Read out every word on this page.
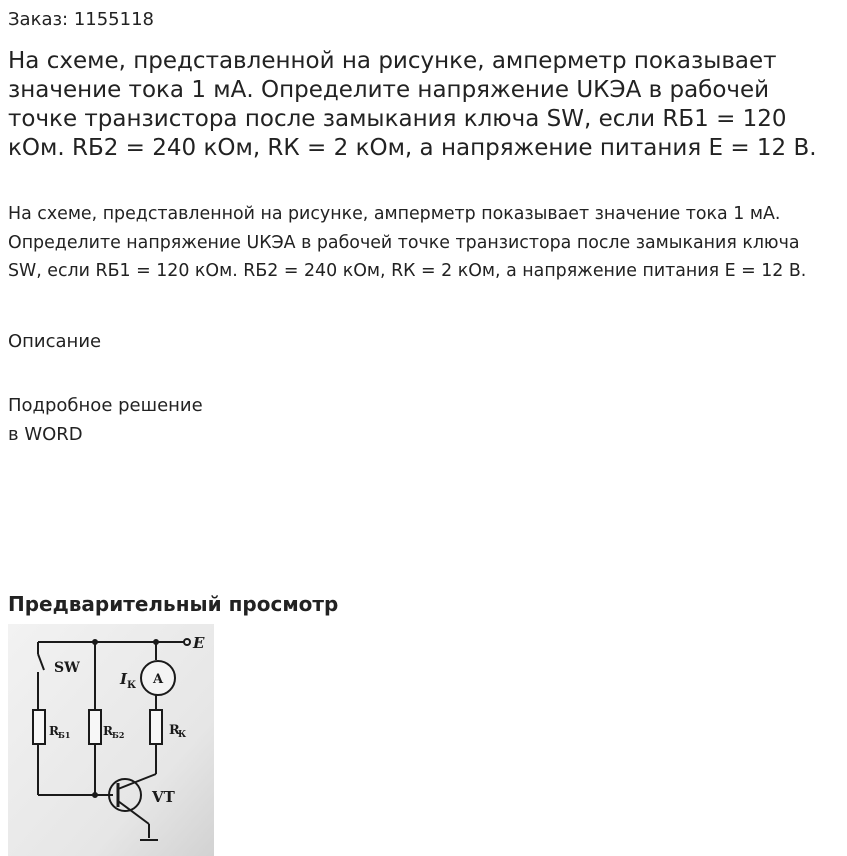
Заказ: 1155118
На схеме, представленной на рисунке, амперметр показывает значение тока 1 мА. Определите напряжение UКЭА в рабочей точке транзистора после замыкания ключа SW, если RБ1 = 120 кОм. RБ2 = 240 кОм, RК = 2 кОм, а напряжение питания Е = 12 В.

На схеме, представленной на рисунке, амперметр показывает значение тока 1 мА. Определите напряжение UКЭА в рабочей точке транзистора после замыкания ключа SW, если RБ1 = 120 кОм. RБ2 = 240 кОм, RК = 2 кОм, а напряжение питания Е = 12 В.

Описание
Подробное решение
в WORD
Предварительный просмотр
E
SW
I К A
R Б1	R Б2	R
К
VT
